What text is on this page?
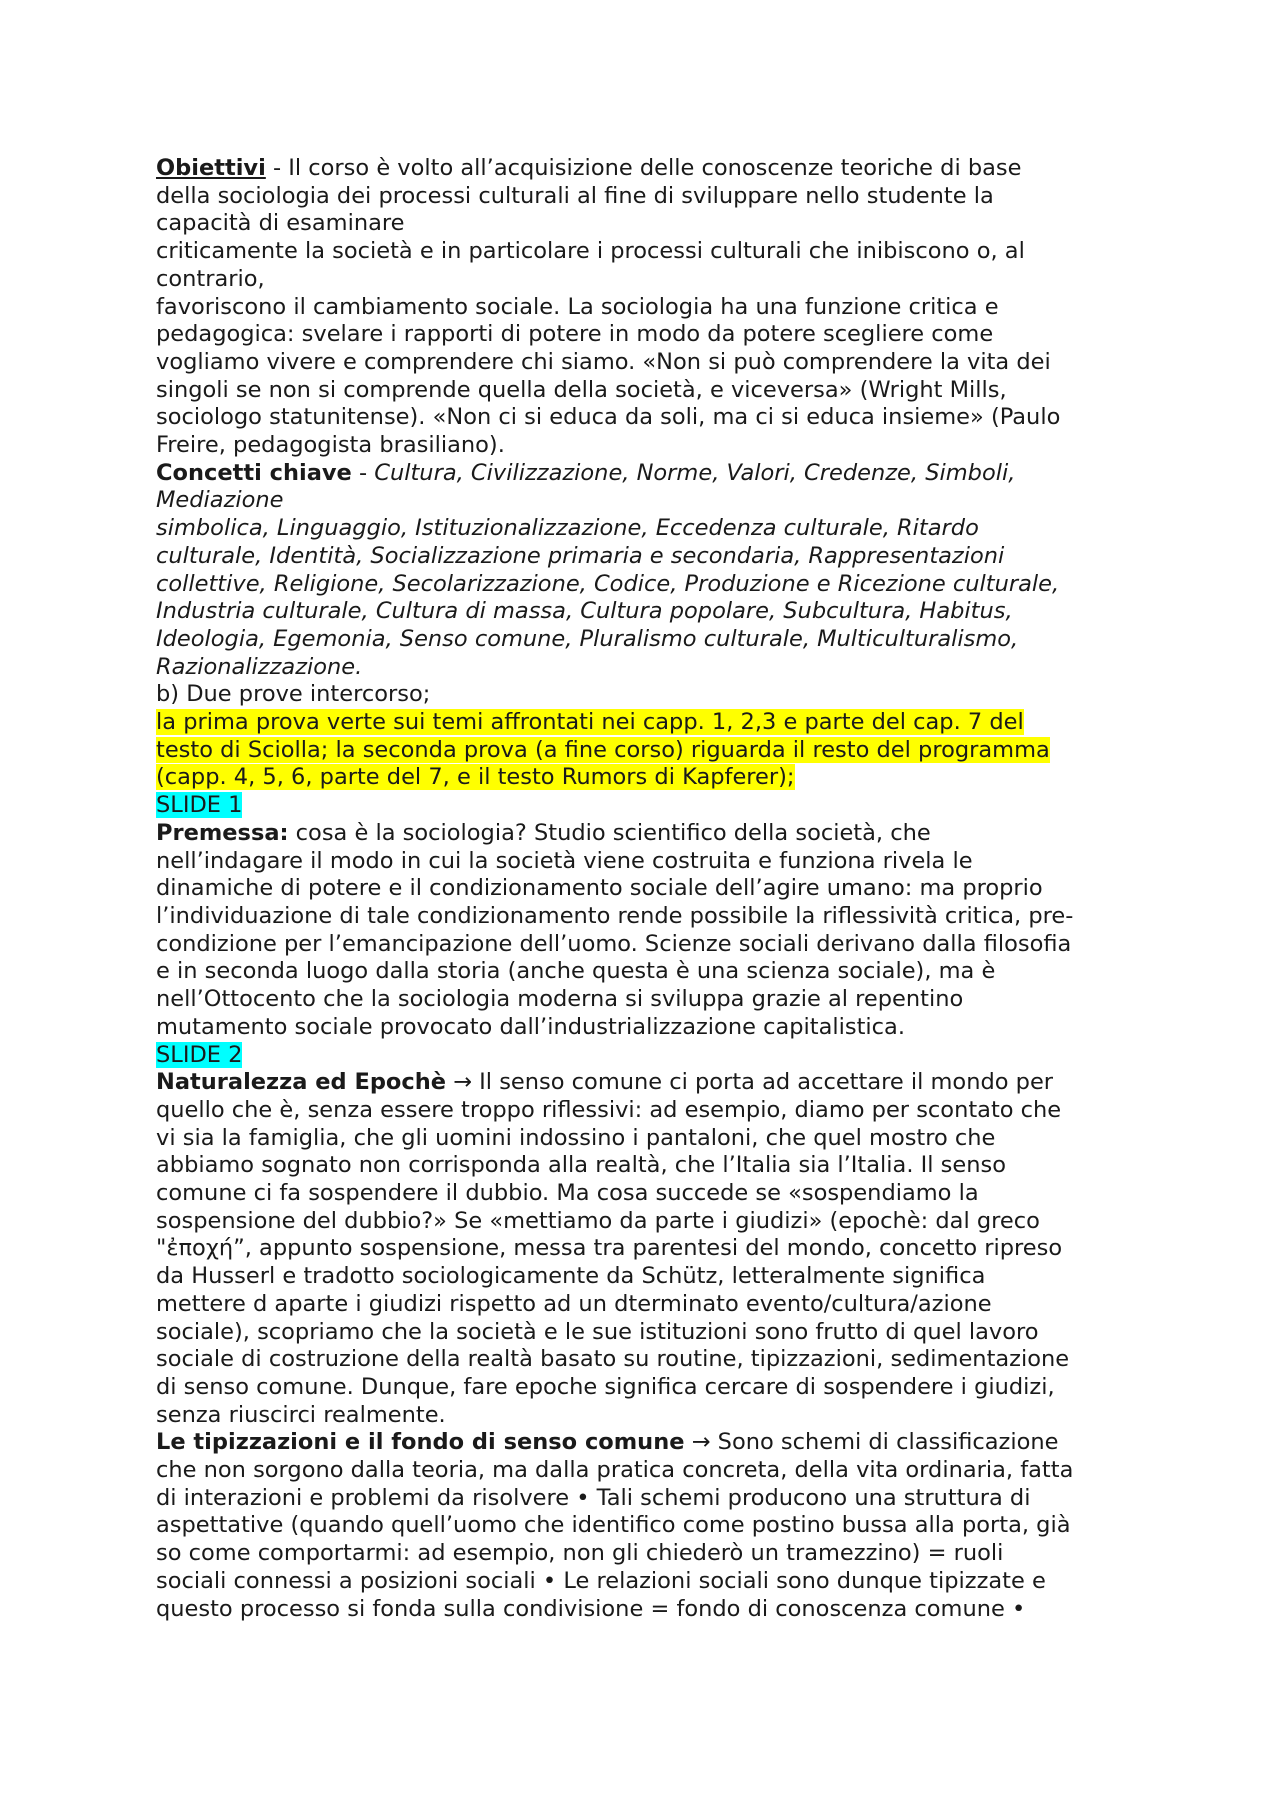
Obiettivi - Il corso è volto all’acquisizione delle conoscenze teoriche di base

della sociologia dei processi culturali al fine di sviluppare nello studente la

capacità di esaminare

criticamente la società e in particolare i processi culturali che inibiscono o, al

contrario,

favoriscono il cambiamento sociale. La sociologia ha una funzione critica e

pedagogica: svelare i rapporti di potere in modo da potere scegliere come

vogliamo vivere e comprendere chi siamo. «Non si può comprendere la vita dei

singoli se non si comprende quella della società, e viceversa» (Wright Mills,

sociologo statunitense). «Non ci si educa da soli, ma ci si educa insieme» (Paulo

Freire, pedagogista brasiliano).

Concetti chiave - Cultura, Civilizzazione, Norme, Valori, Credenze, Simboli,

Mediazione

simbolica, Linguaggio, Istituzionalizzazione, Eccedenza culturale, Ritardo

culturale, Identità, Socializzazione primaria e secondaria, Rappresentazioni

collettive, Religione, Secolarizzazione, Codice, Produzione e Ricezione culturale,

Industria culturale, Cultura di massa, Cultura popolare, Subcultura, Habitus,

Ideologia, Egemonia, Senso comune, Pluralismo culturale, Multiculturalismo,

Razionalizzazione.

b) Due prove intercorso;

la prima prova verte sui temi affrontati nei capp. 1, 2,3 e parte del cap. 7 del

testo di Sciolla; la seconda prova (a fine corso) riguarda il resto del programma

(capp. 4, 5, 6, parte del 7, e il testo Rumors di Kapferer);

SLIDE 1

Premessa: cosa è la sociologia? Studio scientifico della società, che

nell’indagare il modo in cui la società viene costruita e funziona rivela le

dinamiche di potere e il condizionamento sociale dell’agire umano: ma proprio

l’individuazione di tale condizionamento rende possibile la riflessività critica, pre-

condizione per l’emancipazione dell’uomo. Scienze sociali derivano dalla filosofia

e in seconda luogo dalla storia (anche questa è una scienza sociale), ma è

nell’Ottocento che la sociologia moderna si sviluppa grazie al repentino

mutamento sociale provocato dall’industrializzazione capitalistica.

SLIDE 2

Naturalezza ed Epochè → Il senso comune ci porta ad accettare il mondo per

quello che è, senza essere troppo riflessivi: ad esempio, diamo per scontato che

vi sia la famiglia, che gli uomini indossino i pantaloni, che quel mostro che

abbiamo sognato non corrisponda alla realtà, che l’Italia sia l’Italia. Il senso

comune ci fa sospendere il dubbio. Ma cosa succede se «sospendiamo la

sospensione del dubbio?» Se «mettiamo da parte i giudizi» (epochè: dal greco

"ἐποχή”, appunto sospensione, messa tra parentesi del mondo, concetto ripreso

da Husserl e tradotto sociologicamente da Schütz, letteralmente significa

mettere d aparte i giudizi rispetto ad un dterminato evento/cultura/azione

sociale), scopriamo che la società e le sue istituzioni sono frutto di quel lavoro

sociale di costruzione della realtà basato su routine, tipizzazioni, sedimentazione

di senso comune. Dunque, fare epoche significa cercare di sospendere i giudizi,

senza riuscirci realmente.

Le tipizzazioni e il fondo di senso comune → Sono schemi di classificazione

che non sorgono dalla teoria, ma dalla pratica concreta, della vita ordinaria, fatta

di interazioni e problemi da risolvere • Tali schemi producono una struttura di

aspettative (quando quell’uomo che identifico come postino bussa alla porta, già

so come comportarmi: ad esempio, non gli chiederò un tramezzino) = ruoli

sociali connessi a posizioni sociali • Le relazioni sociali sono dunque tipizzate e

questo processo si fonda sulla condivisione = fondo di conoscenza comune •
